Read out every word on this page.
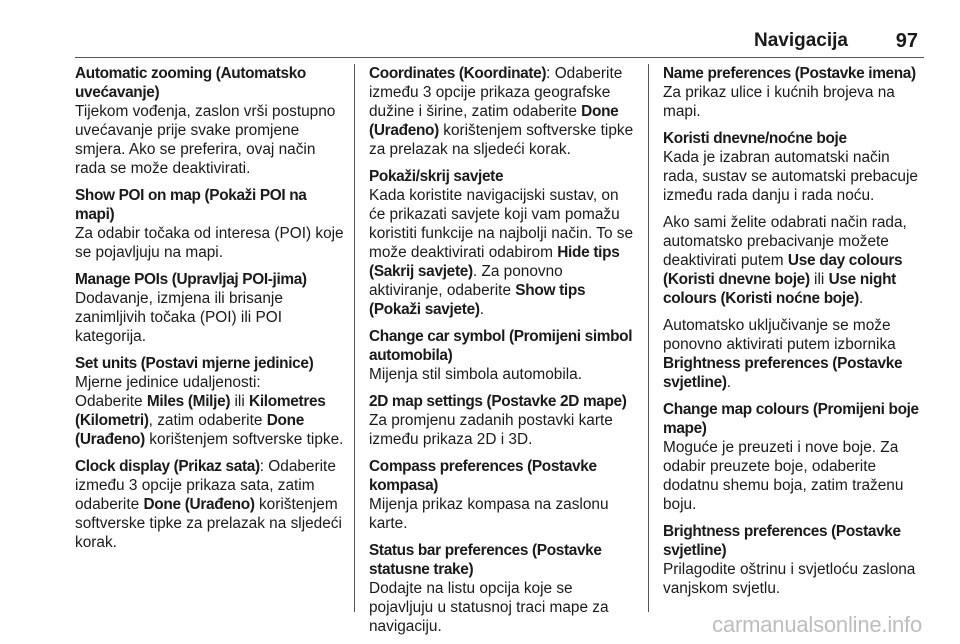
Navigacija 97
Automatic zooming (Automatsko uvećavanje)
Tijekom vođenja, zaslon vrši postupno uvećavanje prije svake promjene smjera. Ako se preferira, ovaj način rada se može deaktivirati.
Show POI on map (Pokaži POI na mapi)
Za odabir točaka od interesa (POI) koje se pojavljuju na mapi.
Manage POIs (Upravljaj POI-jima)
Dodavanje, izmjena ili brisanje zanimljivih točaka (POI) ili POI kategorija.
Set units (Postavi mjerne jedinice)
Mjerne jedinice udaljenosti:
Odaberite Miles (Milje) ili Kilometres (Kilometri), zatim odaberite Done (Urađeno) korištenjem softverske tipke.
Clock display (Prikaz sata): Odaberite između 3 opcije prikaza sata, zatim odaberite Done (Urađeno) korištenjem softverske tipke za prelazak na sljedeći korak.
Coordinates (Koordinate): Odaberite između 3 opcije prikaza geografske dužine i širine, zatim odaberite Done (Urađeno) korištenjem softverske tipke za prelazak na sljedeći korak.
Pokaži/skrij savjete
Kada koristite navigacijski sustav, on će prikazati savjete koji vam pomažu koristiti funkcije na najbolji način. To se može deaktivirati odabirom Hide tips (Sakrij savjete). Za ponovno aktiviranje, odaberite Show tips (Pokaži savjete).
Change car symbol (Promijeni simbol automobila)
Mijenja stil simbola automobila.
2D map settings (Postavke 2D mape)
Za promjenu zadanih postavki karte između prikaza 2D i 3D.
Compass preferences (Postavke kompasa)
Mijenja prikaz kompasa na zaslonu karte.
Status bar preferences (Postavke statusne trake)
Dodajte na listu opcija koje se pojavljuju u statusnoj traci mape za navigaciju.
Name preferences (Postavke imena)
Za prikaz ulice i kućnih brojeva na mapi.
Koristi dnevne/noćne boje
Kada je izabran automatski način rada, sustav se automatski prebacuje između rada danju i rada noću.
Ako sami želite odabrati način rada, automatsko prebacivanje možete deaktivirati putem Use day colours (Koristi dnevne boje) ili Use night colours (Koristi noćne boje).
Automatsko uključivanje se može ponovno aktivirati putem izbornika Brightness preferences (Postavke svjetline).
Change map colours (Promijeni boje mape)
Moguće je preuzeti i nove boje. Za odabir preuzete boje, odaberite dodatnu shemu boja, zatim traženu boju.
Brightness preferences (Postavke svjetline)
Prilagodite oštrinu i svjetloću zaslona vanjskom svjetlu.
carmanualsonline.info
